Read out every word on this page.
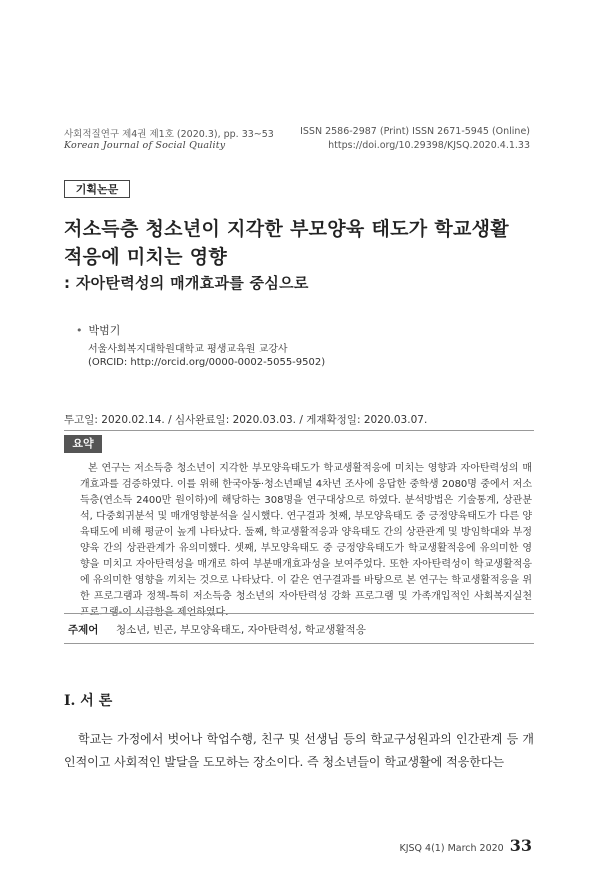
사회적질연구 제4권 제1호 (2020.3), pp. 33~53
Korean Journal of Social Quality
ISSN 2586-2987 (Print) ISSN 2671-5945 (Online)
https://doi.org/10.29398/KJSQ.2020.4.1.33
기획논문
저소득층 청소년이 지각한 부모양육 태도가 학교생활
적응에 미치는 영향
: 자아탄력성의 매개효과를 중심으로
• 박범기
서울사회복지대학원대학교 평생교육원 교강사
(ORCID: http://orcid.org/0000-0002-5055-9502)
투고일: 2020.02.14. / 심사완료일: 2020.03.03. / 게재확정일: 2020.03.07.
요약
본 연구는 저소득층 청소년이 지각한 부모양육태도가 학교생활적응에 미치는 영향과 자아탄력성의 매개효과를 검증하였다. 이를 위해 한국아동·청소년패널 4차년 조사에 응답한 중학생 2080명 중에서 저소득층(연소득 2400만 원이하)에 해당하는 308명을 연구대상으로 하였다. 분석방법은 기술통계, 상관분석, 다중회귀분석 및 매개영향분석을 실시했다. 연구결과 첫째, 부모양육태도 중 긍정양육태도가 다른 양육태도에 비해 평균이 높게 나타났다. 둘째, 학교생활적응과 양육태도 간의 상관관계 및 방임학대와 부정양육 간의 상관관계가 유의미했다. 셋째, 부모양육태도 중 긍정양육태도가 학교생활적응에 유의미한 영향을 미치고 자아탄력성을 매개로 하여 부분매개효과성을 보여주었다. 또한 자아탄력성이 학교생활적응에 유의미한 영향을 끼치는 것으로 나타났다. 이 같은 연구결과를 바탕으로 본 연구는 학교생활적응을 위한 프로그램과 정책-특히 저소득층 청소년의 자아탄력성 강화 프로그램 및 가족개입적인 사회복지실천
주제어 청소년, 빈곤, 부모양육태도, 자아탄력성, 학교생활적응
Ⅰ. 서 론
학교는 가정에서 벗어나 학업수행, 친구 및 선생님 등의 학교구성원과의 인간관계 등 개인적이고 사회적인 발달을 도모하는 장소이다. 즉 청소년들이 학교생활에 적응한다는
KJSQ 4(1) March 2020 33
